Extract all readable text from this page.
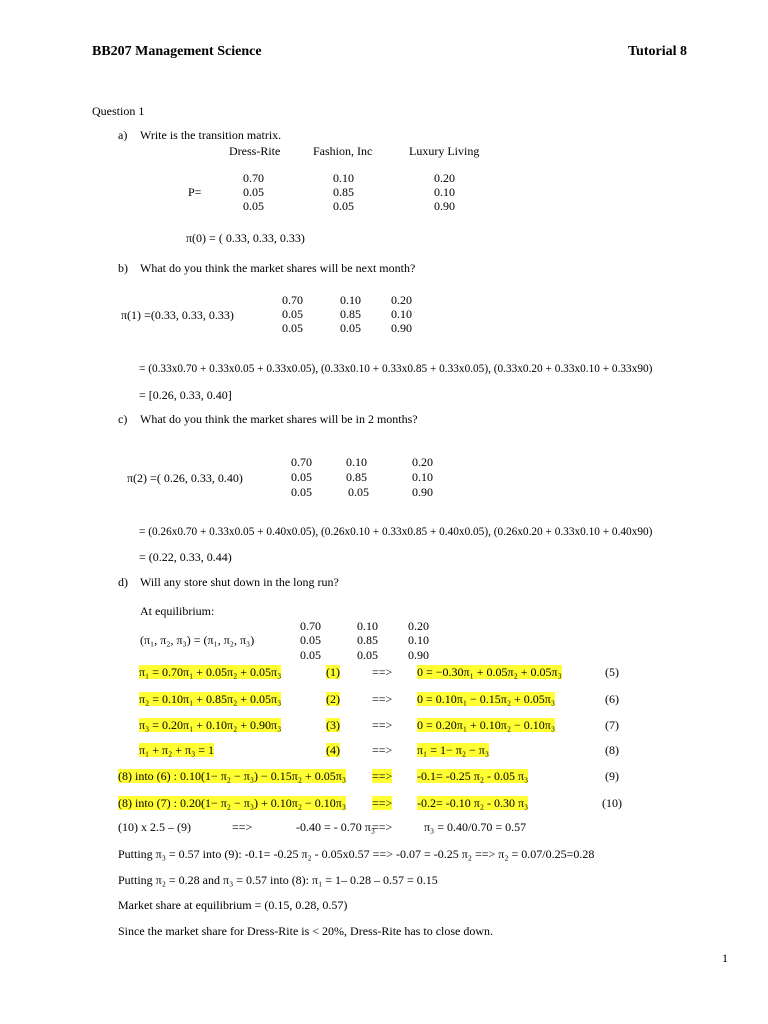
BB207 Management Science	Tutorial 8
Question 1
a) Write is the transition matrix.
Dress-Rite	Fashion, Inc	Luxury Living
P=
0.70	0.10	0.20
0.05	0.85	0.10
0.05	0.05	0.90
π(0) = ( 0.33, 0.33, 0.33)
b) What do you think the market shares will be next month?
π(1) =(0.33, 0.33, 0.33)
0.70	0.10	0.20
0.05	0.85	0.10
0.05	0.05	0.90
= (0.33x0.70 + 0.33x0.05 + 0.33x0.05), (0.33x0.10 + 0.33x0.85 + 0.33x0.05), (0.33x0.20 + 0.33x0.10 + 0.33x90)
= [0.26, 0.33, 0.40]
c) What do you think the market shares will be in 2 months?
π(2) =( 0.26, 0.33, 0.40)
0.70	0.10	0.20
0.05	0.85	0.10
0.05	0.05	0.90
= (0.26x0.70 + 0.33x0.05 + 0.40x0.05), (0.26x0.10 + 0.33x0.85 + 0.40x0.05), (0.26x0.20 + 0.33x0.10 + 0.40x90)
= (0.22, 0.33, 0.44)
d) Will any store shut down in the long run?
At equilibrium:
(π₁, π₂, π₃) = (π₁, π₂, π₃)
0.70	0.10	0.20
0.05	0.85	0.10
0.05	0.05	0.90
π₁ = 0.70π₁ + 0.05π₂ + 0.05π₃	(1)	==> 0 = −0.30π₁ + 0.05π₂ + 0.05π₃	(5)
π₂ = 0.10π₁ + 0.85π₂ + 0.05π₃	(2)	==> 0 = 0.10π₁ − 0.15π₂ + 0.05π₃	(6)
π₃ = 0.20π₁ + 0.10π₂ + 0.90π₃	(3)	==> 0 = 0.20π₁ + 0.10π₂ − 0.10π₃	(7)
π₁ + π₂ + π₃ = 1	(4)	==> π₁ = 1− π₂ − π₃	(8)
(8) into (6) : 0.10(1− π₂ − π₃) − 0.15π₂ + 0.05π₃ ==> -0.1= -0.25 π₂ - 0.05 π₃	(9)
(8) into (7) : 0.20(1− π₂ − π₃) + 0.10π₂ − 0.10π₃ ==> -0.2= -0.10 π₂ - 0.30 π₃	(10)
(10) x 2.5 – (9)	==>	-0.40 = - 0.70 π₃
==>	π₃ = 0.40/0.70 = 0.57
Putting π₃ = 0.57 into (9): -0.1= -0.25 π₂ - 0.05x0.57 ==> -0.07 = -0.25 π₂ ==> π₂ = 0.07/0.25=0.28
Putting π₂ = 0.28 and π₃ = 0.57 into (8): π₁ = 1– 0.28 – 0.57 = 0.15
Market share at equilibrium = (0.15, 0.28, 0.57)
Since the market share for Dress-Rite is < 20%, Dress-Rite has to close down.
1
